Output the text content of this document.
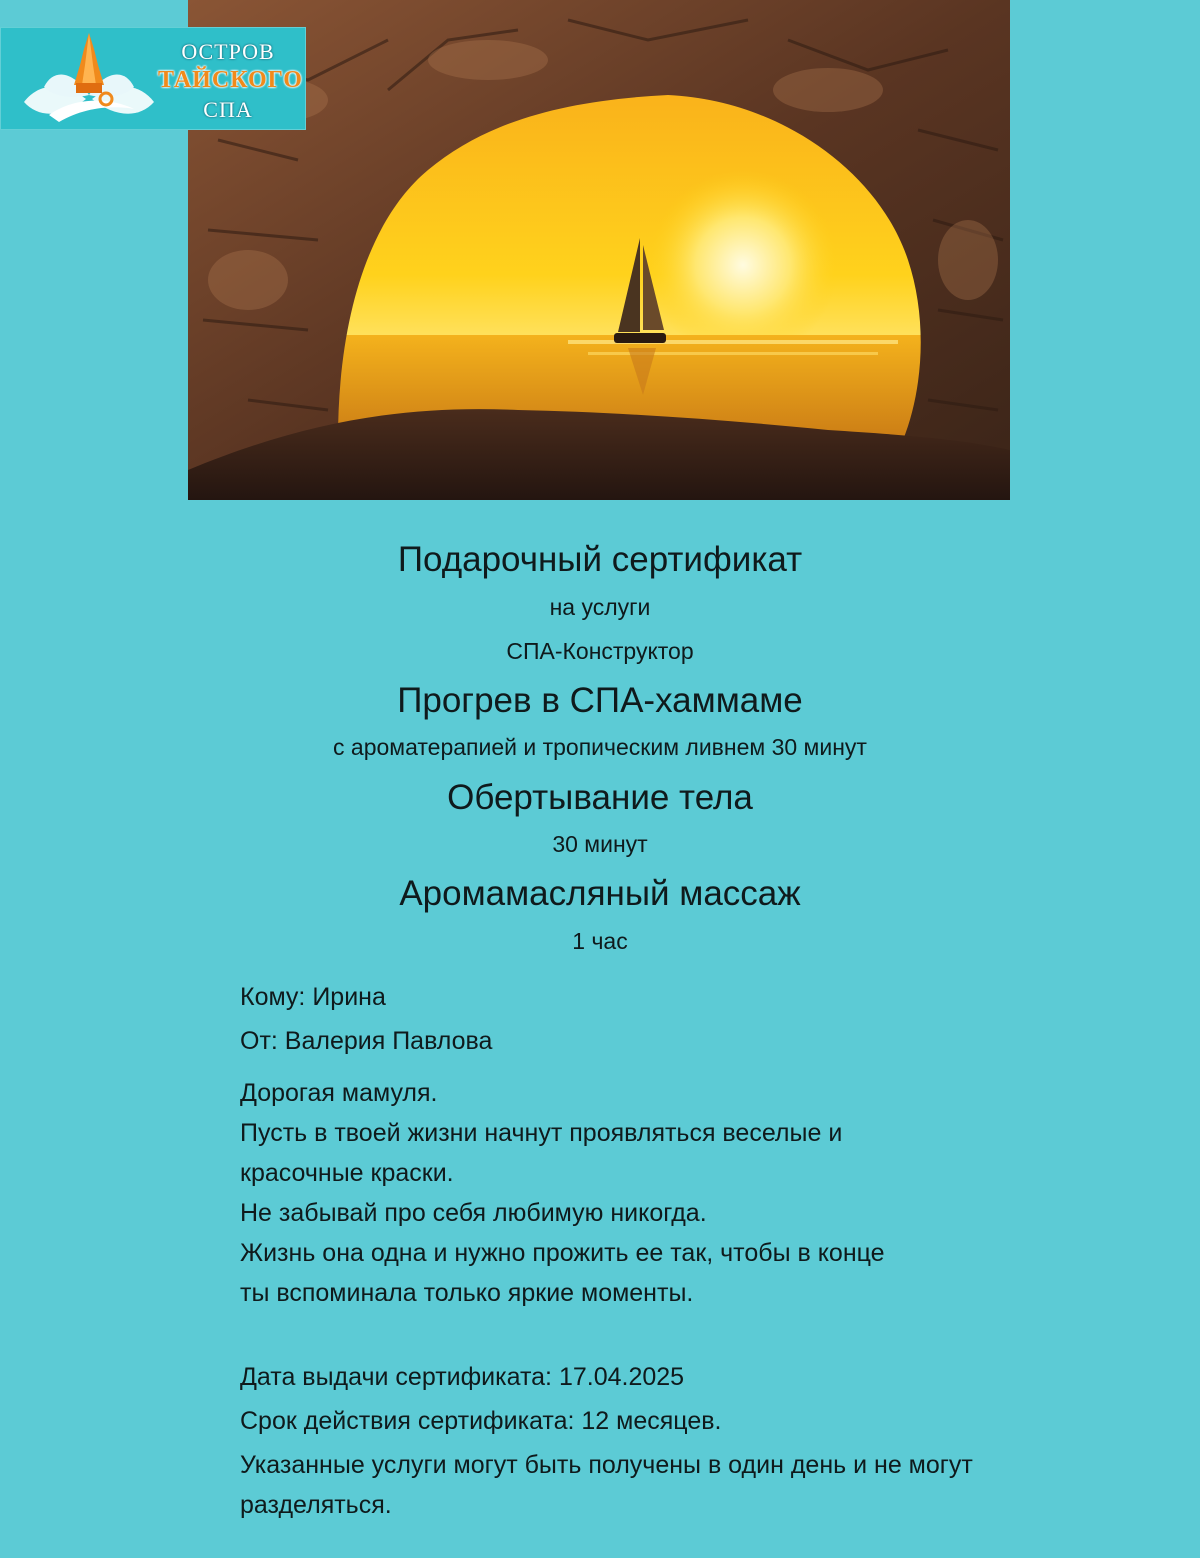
ОСТРОВ
ТАЙСКОГО
СПА
Подарочный сертификат
на услуги
СПА-Конструктор
Прогрев в СПА-хаммаме
с ароматерапией и тропическим ливнем 30 минут
Обертывание тела
30 минут
Аромамасляный массаж
1 час
Кому: Ирина
От: Валерия Павлова
Дорогая мамуля.
Пусть в твоей жизни начнут проявляться веселые и
красочные краски.
Не забывай про себя любимую никогда.
Жизнь она одна и нужно прожить ее так, чтобы в конце
ты вспоминала только яркие моменты.
Дата выдачи сертификата: 17.04.2025
Срок действия сертификата: 12 месяцев.
Указанные услуги могут быть получены в один день и не могут разделяться.
